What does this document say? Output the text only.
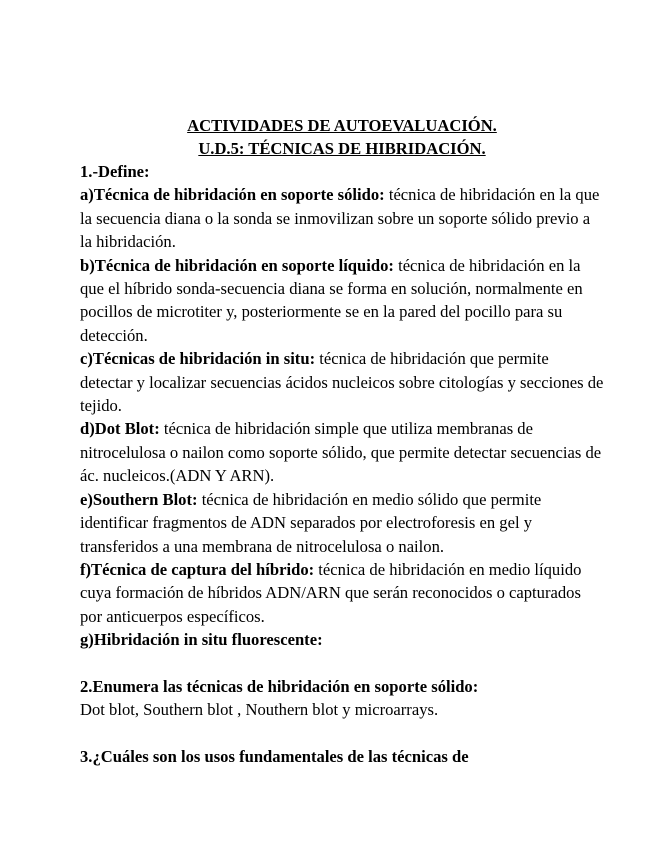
ACTIVIDADES DE AUTOEVALUACIÓN.

U.D.5: TÉCNICAS DE HIBRIDACIÓN.

1.-Define:

a)Técnica de hibridación en soporte sólido: técnica de hibridación en la que la secuencia diana o la sonda se inmovilizan sobre un soporte sólido previo a la hibridación.

b)Técnica de hibridación en soporte líquido: técnica de hibridación en la que el híbrido sonda-secuencia diana se forma en solución, normalmente en pocillos de microtiter y, posteriormente se en la pared del pocillo para su detección.

c)Técnicas de hibridación in situ: técnica de hibridación que permite detectar y localizar secuencias ácidos nucleicos sobre citologías y secciones de tejido.

d)Dot Blot: técnica de hibridación simple que utiliza membranas de nitrocelulosa o nailon como soporte sólido, que permite detectar secuencias de ác. nucleicos.(ADN Y ARN).

e)Southern Blot: técnica de hibridación en medio sólido que permite identificar fragmentos de ADN separados por electroforesis en gel y transferidos a una membrana de nitrocelulosa o nailon.

f)Técnica de captura del híbrido: técnica de hibridación en medio líquido cuya formación de híbridos ADN/ARN que serán reconocidos o capturados por anticuerpos específicos.

g)Hibridación in situ fluorescente:

2.Enumera las técnicas de hibridación en soporte sólido:

Dot blot, Southern blot , Nouthern blot y microarrays.

3.¿Cuáles son los usos fundamentales de las técnicas de
